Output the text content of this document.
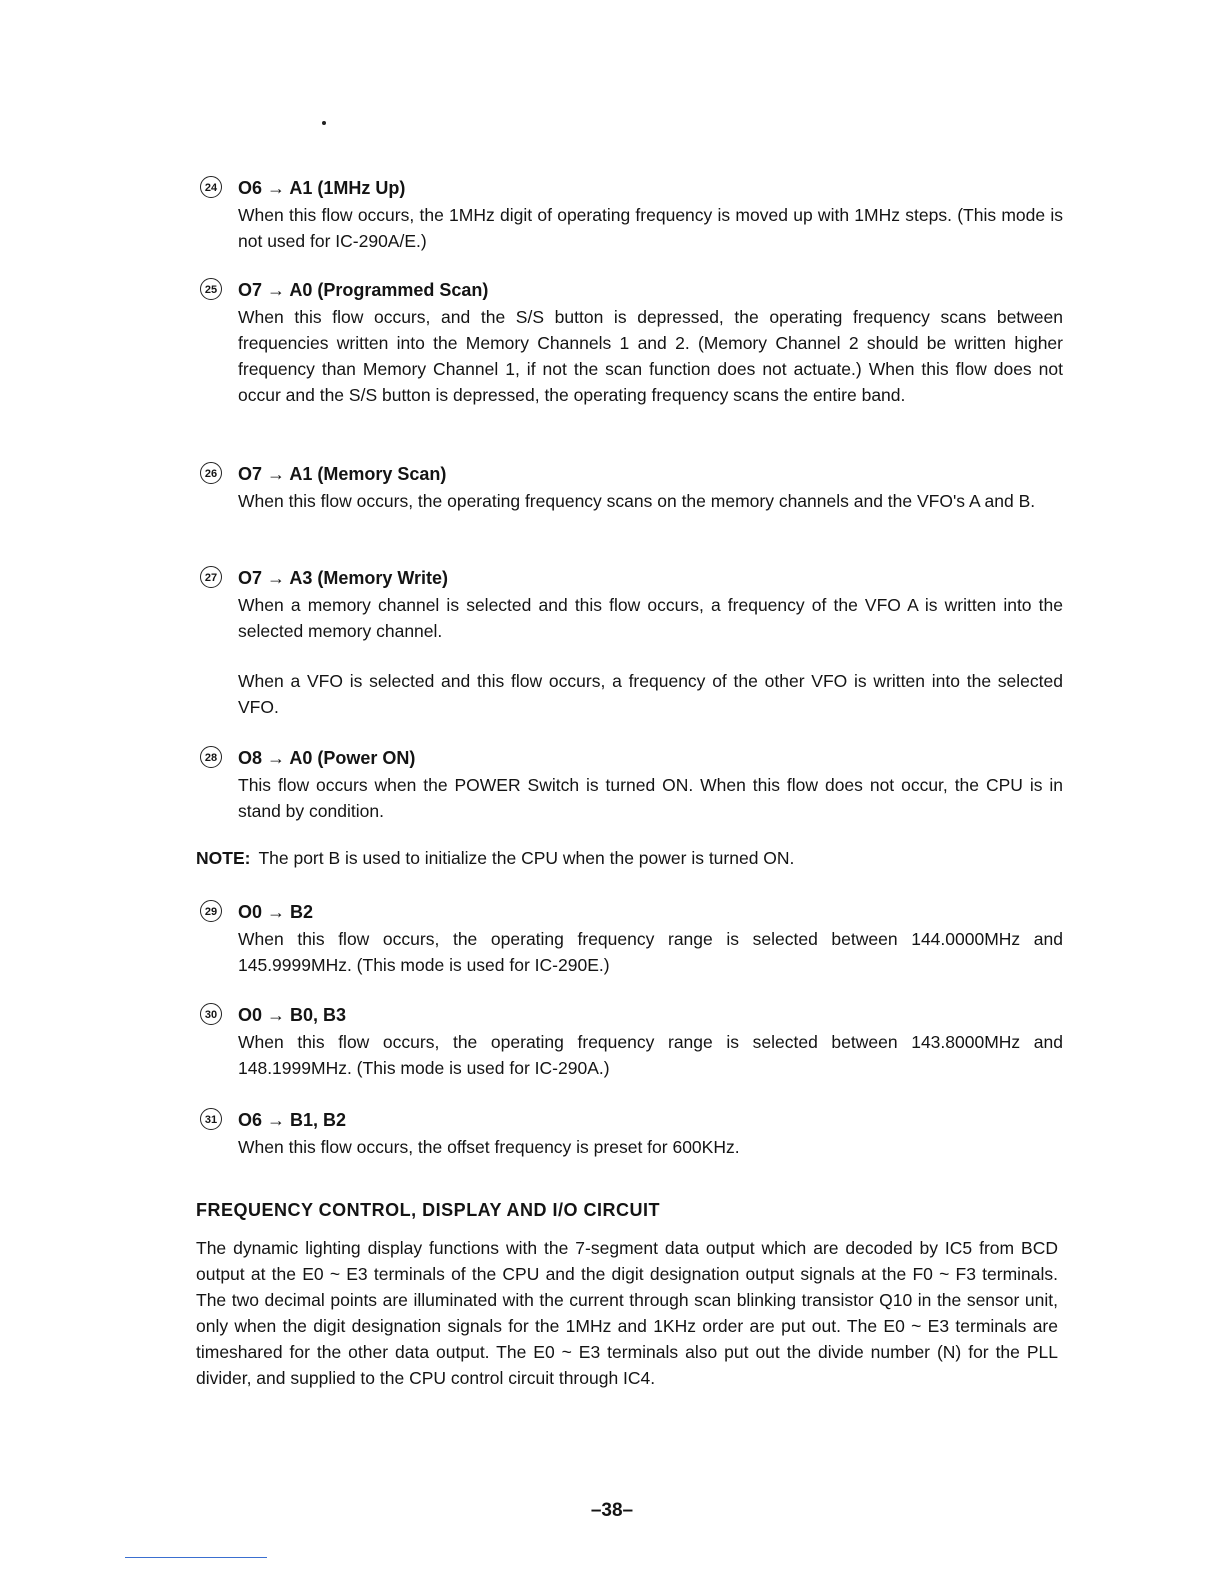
24 O6 → A1 (1MHz Up)
When this flow occurs, the 1MHz digit of operating frequency is moved up with 1MHz steps. (This mode is not used for IC-290A/E.)
25 O7 → A0 (Programmed Scan)
When this flow occurs, and the S/S button is depressed, the operating frequency scans between frequencies written into the Memory Channels 1 and 2. (Memory Channel 2 should be written higher frequency than Memory Channel 1, if not the scan function does not actuate.) When this flow does not occur and the S/S button is depressed, the operating frequency scans the entire band.
26 O7 → A1 (Memory Scan)
When this flow occurs, the operating frequency scans on the memory channels and the VFO's A and B.
27 O7 → A3 (Memory Write)
When a memory channel is selected and this flow occurs, a frequency of the VFO A is written into the selected memory channel.
When a VFO is selected and this flow occurs, a frequency of the other VFO is written into the selected VFO.
28 O8 → A0 (Power ON)
This flow occurs when the POWER Switch is turned ON. When this flow does not occur, the CPU is in stand by condition.
NOTE: The port B is used to initialize the CPU when the power is turned ON.
29 O0 → B2
When this flow occurs, the operating frequency range is selected between 144.0000MHz and 145.9999MHz. (This mode is used for IC-290E.)
30 O0 → B0, B3
When this flow occurs, the operating frequency range is selected between 143.8000MHz and 148.1999MHz. (This mode is used for IC-290A.)
31 O6 → B1, B2
When this flow occurs, the offset frequency is preset for 600KHz.
FREQUENCY CONTROL, DISPLAY AND I/O CIRCUIT
The dynamic lighting display functions with the 7-segment data output which are decoded by IC5 from BCD output at the E0 ~ E3 terminals of the CPU and the digit designation output signals at the F0 ~ F3 terminals. The two decimal points are illuminated with the current through scan blinking transistor Q10 in the sensor unit, only when the digit designation signals for the 1MHz and 1KHz order are put out. The E0 ~ E3 terminals are timeshared for the other data output. The E0 ~ E3 terminals also put out the divide number (N) for the PLL divider, and supplied to the CPU control circuit through IC4.
–38–
